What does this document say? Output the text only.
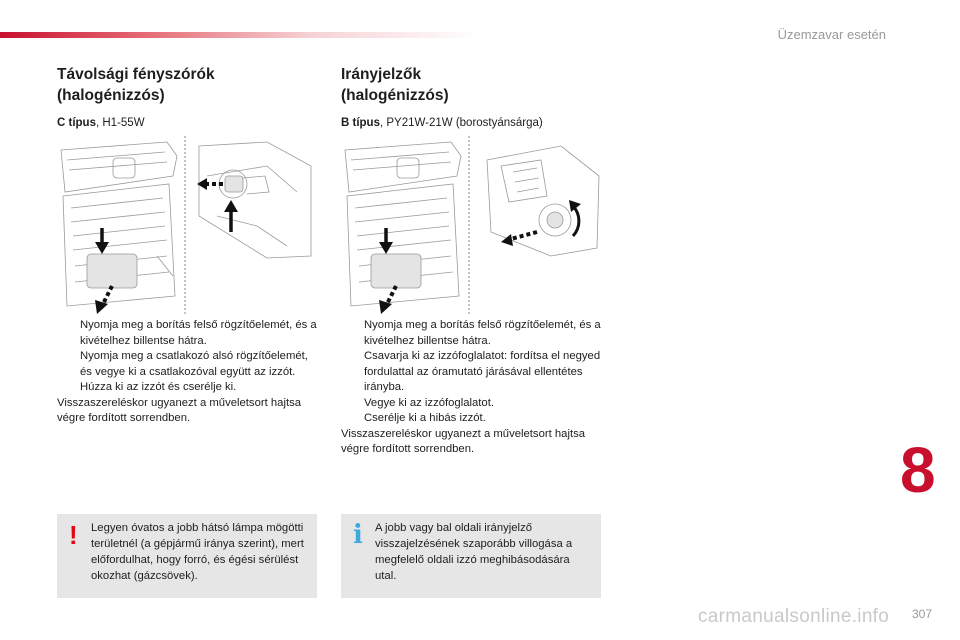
Üzemzavar esetén
Távolsági fényszórók
(halogénizzós)
C típus, H1-55W
Nyomja meg a borítás felső rögzítőelemét, és a kivételhez billentse hátra.
Nyomja meg a csatlakozó alsó rögzítőelemét, és vegye ki a csatlakozóval együtt az izzót.
Húzza ki az izzót és cserélje ki.

Visszaszereléskor ugyanezt a műveletsort hajtsa végre fordított sorrendben.

! Legyen óvatos a jobb hátsó lámpa mögötti területnél (a gépjármű iránya szerint), mert előfordulhat, hogy forró, és égési sérülést okozhat (gázcsövek).
Irányjelzők
(halogénizzós)
B típus, PY21W-21W (borostyánsárga)
Nyomja meg a borítás felső rögzítőelemét, és a kivételhez billentse hátra.
Csavarja ki az izzófoglalatot: fordítsa el negyed fordulattal az óramutató járásával ellentétes irányba.
Vegye ki az izzófoglalatot.
Cserélje ki a hibás izzót.

Visszaszereléskor ugyanezt a műveletsort hajtsa végre fordított sorrendben.

i A jobb vagy bal oldali irányjelző visszajelzésének szaporább villogása a megfelelő oldali izzó meghibásodására utal.
8
307
carmanualsonline.info
